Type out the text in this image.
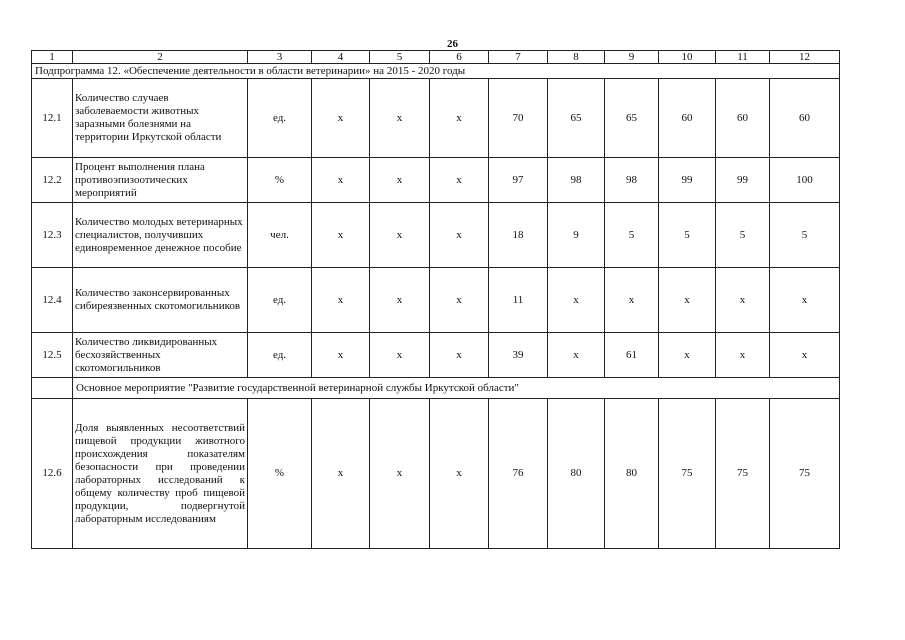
26
1	2	3	4	5	6	7	8	9	10	11	12
Подпрограмма 12. «Обеспечение деятельности в области ветеринарии» на 2015 - 2020 годы											
12.1	Количество случаев заболеваемости животных заразными болезнями на территории Иркутской области	ед.	х	х	х	70	65	65	60	60	60
12.2	Процент выполнения плана противоэпизоотических мероприятий	%	х	х	х	97	98	98	99	99	100
12.3	Количество молодых ветеринарных специалистов, получивших единовременное денежное пособие	чел.	х	х	х	18	9	5	5	5	5
12.4	Количество законсервированных сибиреязвенных скотомогильников	ед.	х	х	х	11	х	х	х	х	х
12.5	Количество ликвидированных бесхозяйственных скотомогильников	ед.	х	х	х	39	х	61	х	х	х
	Основное мероприятие "Развитие государственной ветеринарной службы Иркутской области"										
12.6	Доля выявленных несоответствий пищевой продукции животного происхождения показателям безопасности при проведении лабораторных исследований к общему количеству проб пищевой продукции, подвергнутой лабораторным исследованиям	%	х	х	х	76	80	80	75	75	75
